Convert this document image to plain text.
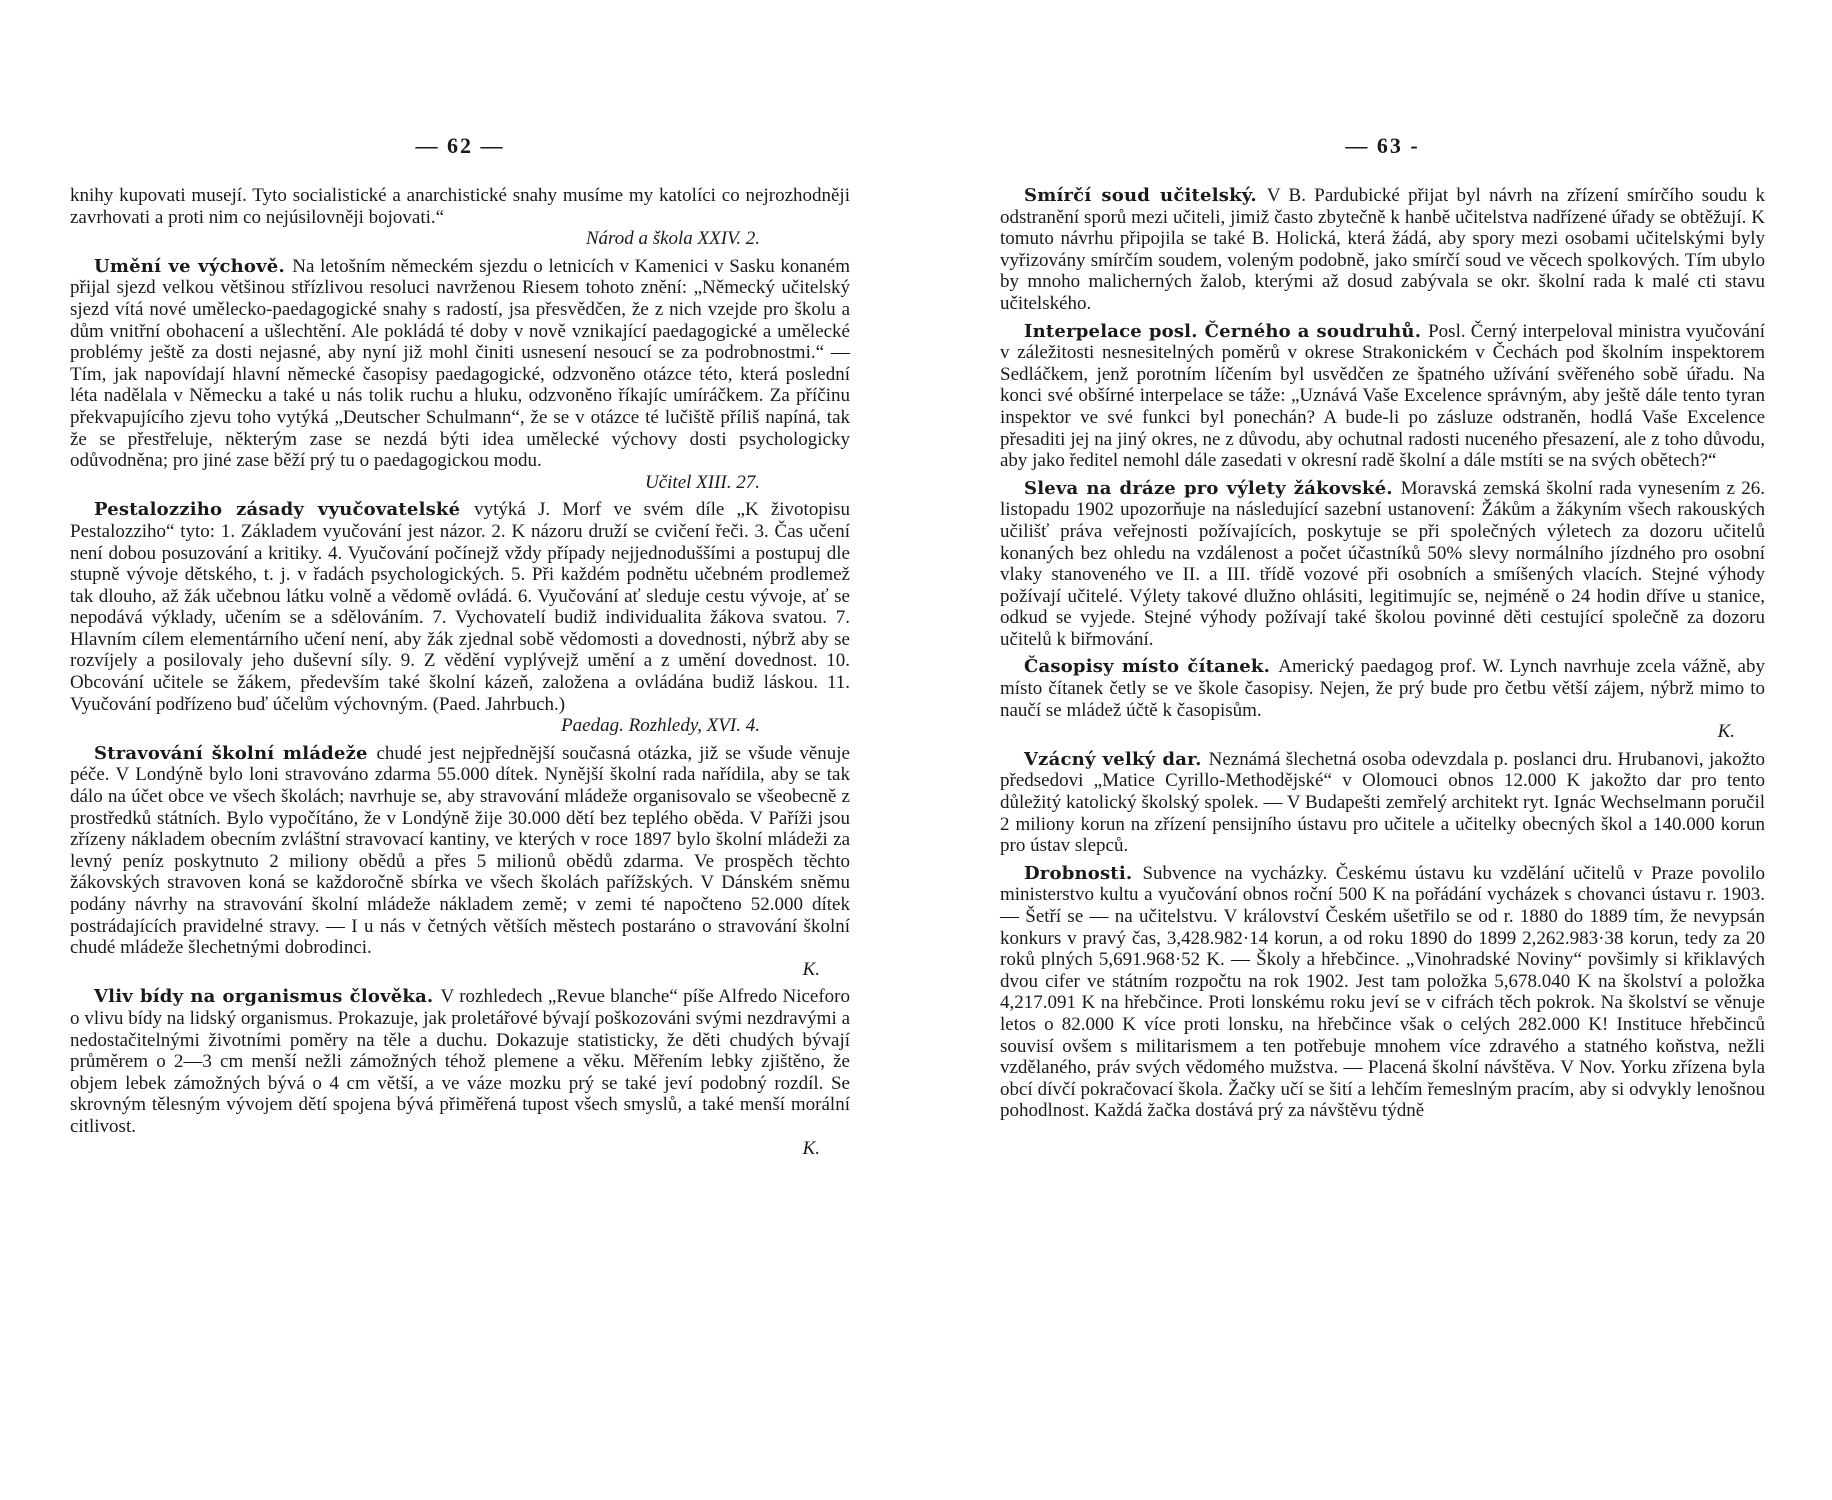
— 62 —

knihy kupovati musejí. Tyto socialistické a anarchistické snahy musíme my katolíci co nejrozhodněji zavrhovati a proti nim co nejúsilovněji bojovati.“
Národ a škola XXIV. 2.

Umění ve výchově. Na letošním německém sjezdu o letnicích v Kamenici v Sasku konaném přijal sjezd velkou většinou střízlivou resoluci navrženou Riesem tohoto znění: „Německý učitelský sjezd vítá nové umělecko-paedagogické snahy s radostí, jsa přesvědčen, že z nich vzejde pro školu a dům vnitřní obohacení a ušlechtění. Ale pokládá té doby v nově vznikající paedagogické a umělecké problémy ještě za dosti nejasné, aby nyní již mohl činiti usnesení nesoucí se za podrobnostmi.“ — Tím, jak napovídají hlavní německé časopisy paedagogické, odzvoněno otázce této, která poslední léta nadělala v Německu a také u nás tolik ruchu a hluku, odzvoněno říkajíc umíráčkem. Za příčinu překvapujícího zjevu toho vytýká „Deutscher Schulmann“, že se v otázce té lučiště příliš napíná, tak že se přestřeluje, některým zase se nezdá býti idea umělecké výchovy dosti psychologicky odůvodněna; pro jiné zase běží prý tu o paedagogickou modu.
Učitel XIII. 27.

Pestalozziho zásady vyučovatelské vytýká J. Morf ve svém díle „K životopisu Pestalozziho“ tyto: 1. Základem vyučování jest názor. 2. K názoru druží se cvičení řeči. 3. Čas učení není dobou posuzování a kritiky. 4. Vyučování počínejž vždy případy nejjednoduššími a postupuj dle stupně vývoje dětského, t. j. v řadách psychologických. 5. Při každém podnětu učebném prodlemež tak dlouho, až žák učebnou látku volně a vědomě ovládá. 6. Vyučování ať sleduje cestu vývoje, ať se nepodává výklady, učením se a sdělováním. 7. Vychovatelí budiž individualita žákova svatou. 7. Hlavním cílem elementárního učení není, aby žák zjednal sobě vědomosti a dovednosti, nýbrž aby se rozvíjely a posilovaly jeho duševní síly. 9. Z vědění vyplývejž umění a z umění dovednost. 10. Obcování učitele se žákem, především také školní kázeň, založena a ovládána budiž láskou. 11. Vyučování podřízeno buď účelům výchovným. (Paed. Jahrbuch.)
Paedag. Rozhledy, XVI. 4.

Stravování školní mládeže chudé jest nejpřednější současná otázka, již se všude věnuje péče. V Londýně bylo loni stravováno zdarma 55.000 dítek. Nynější školní rada nařídila, aby se tak dálo na účet obce ve všech školách; navrhuje se, aby stravování mládeže organisovalo se všeobecně z prostředků státních. Bylo vypočítáno, že v Londýně žije 30.000 dětí bez teplého oběda. V Paříži jsou zřízeny nákladem obecním zvláštní stravovací kantiny, ve kterých v roce 1897 bylo školní mládeži za levný peníz poskytnuto 2 miliony obědů a přes 5 milionů obědů zdarma. Ve prospěch těchto žákovských stravoven koná se každoročně sbírka ve všech školách pařížských. V Dánském sněmu podány návrhy na stravování školní mládeže nákladem země; v zemi té napočteno 52.000 dítek postrádajících pravidelné stravy. — I u nás v četných větších městech postaráno o stravování školní chudé mládeže šlechetnými dobrodinci.
K.

Vliv bídy na organismus člověka. V rozhledech „Revue blanche“ píše Alfredo Niceforo o vlivu bídy na lidský organismus. Prokazuje, jak proletářové bývají poškozováni svými nezdravými a nedostačitelnými životními poměry na těle a duchu. Dokazuje statisticky, že děti chudých bývají průměrem o 2—3 cm menší nežli zámožných téhož plemene a věku. Měřením lebky zjištěno, že objem lebek zámožných bývá o 4 cm větší, a ve váze mozku prý se také jeví podobný rozdíl. Se skrovným tělesným vývojem dětí spojena bývá přiměřená tupost všech smyslů, a také menší morální citlivost.
K.

— 63 -

Smírčí soud učitelský. V B. Pardubické přijat byl návrh na zřízení smírčího soudu k odstranění sporů mezi učiteli, jimiž často zbytečně k hanbě učitelstva nadřízené úřady se obtěžují. K tomuto návrhu připojila se také B. Holická, která žádá, aby spory mezi osobami učitelskými byly vyřizovány smírčím soudem, voleným podobně, jako smírčí soud ve věcech spolkových. Tím ubylo by mnoho malicherných žalob, kterými až dosud zabývala se okr. školní rada k malé cti stavu učitelského.

Interpelace posl. Černého a soudruhů. Posl. Černý interpeloval ministra vyučování v záležitosti nesnesitelných poměrů v okrese Strakonickém v Čechách pod školním inspektorem Sedláčkem, jenž porotním líčením byl usvědčen ze špatného užívání svěřeného sobě úřadu. Na konci své obšírné interpelace se táže: „Uznává Vaše Excelence správným, aby ještě dále tento tyran inspektor ve své funkci byl ponechán? A bude-li po zásluze odstraněn, hodlá Vaše Excelence přesaditi jej na jiný okres, ne z důvodu, aby ochutnal radosti nuceného přesazení, ale z toho důvodu, aby jako ředitel nemohl dále zasedati v okresní radě školní a dále mstíti se na svých obětech?“

Sleva na dráze pro výlety žákovské. Moravská zemská školní rada vynesením z 26. listopadu 1902 upozorňuje na následující sazební ustanovení: Žákům a žákyním všech rakouských učilišť práva veřejnosti požívajících, poskytuje se při společných výletech za dozoru učitelů konaných bez ohledu na vzdálenost a počet účastníků 50% slevy normálního jízdného pro osobní vlaky stanoveného ve II. a III. třídě vozové při osobních a smíšených vlacích. Stejné výhody požívají učitelé. Výlety takové dlužno ohlásiti, legitimujíc se, nejméně o 24 hodin dříve u stanice, odkud se vyjede. Stejné výhody požívají také školou povinné děti cestující společně za dozoru učitelů k biřmování.

Časopisy místo čítanek. Americký paedagog prof. W. Lynch navrhuje zcela vážně, aby místo čítanek četly se ve škole časopisy. Nejen, že prý bude pro četbu větší zájem, nýbrž mimo to naučí se mládež účtě k časopisům.
K.

Vzácný velký dar. Neznámá šlechetná osoba odevzdala p. poslanci dru. Hrubanovi, jakožto předsedovi „Matice Cyrillo-Methodějské“ v Olomouci obnos 12.000 K jakožto dar pro tento důležitý katolický školský spolek. — V Budapešti zemřelý architekt ryt. Ignác Wechselmann poručil 2 miliony korun na zřízení pensijního ústavu pro učitele a učitelky obecných škol a 140.000 korun pro ústav slepců.

Drobnosti. Subvence na vycházky. Českému ústavu ku vzdělání učitelů v Praze povolilo ministerstvo kultu a vyučování obnos roční 500 K na pořádání vycházek s chovanci ústavu r. 1903. — Šetří se — na učitelstvu. V království Českém ušetřilo se od r. 1880 do 1889 tím, že nevypsán konkurs v pravý čas, 3,428.982·14 korun, a od roku 1890 do 1899 2,262.983·38 korun, tedy za 20 roků plných 5,691.968·52 K. — Školy a hřebčince. „Vinohradské Noviny“ povšimly si křiklavých dvou cifer ve státním rozpočtu na rok 1902. Jest tam položka 5,678.040 K na školství a položka 4,217.091 K na hřebčince. Proti lonskému roku jeví se v cifrách těch pokrok. Na školství se věnuje letos o 82.000 K více proti lonsku, na hřebčince však o celých 282.000 K! Instituce hřebčinců souvisí ovšem s militarismem a ten potřebuje mnohem více zdravého a statného koňstva, nežli vzdělaného, práv svých vědomého mužstva. — Placená školní návštěva. V Nov. Yorku zřízena byla obcí dívčí pokračovací škola. Žačky učí se šití a lehčím řemeslným pracím, aby si odvykly lenošnou pohodlnost. Každá žačka dostává prý za návštěvu týdně
